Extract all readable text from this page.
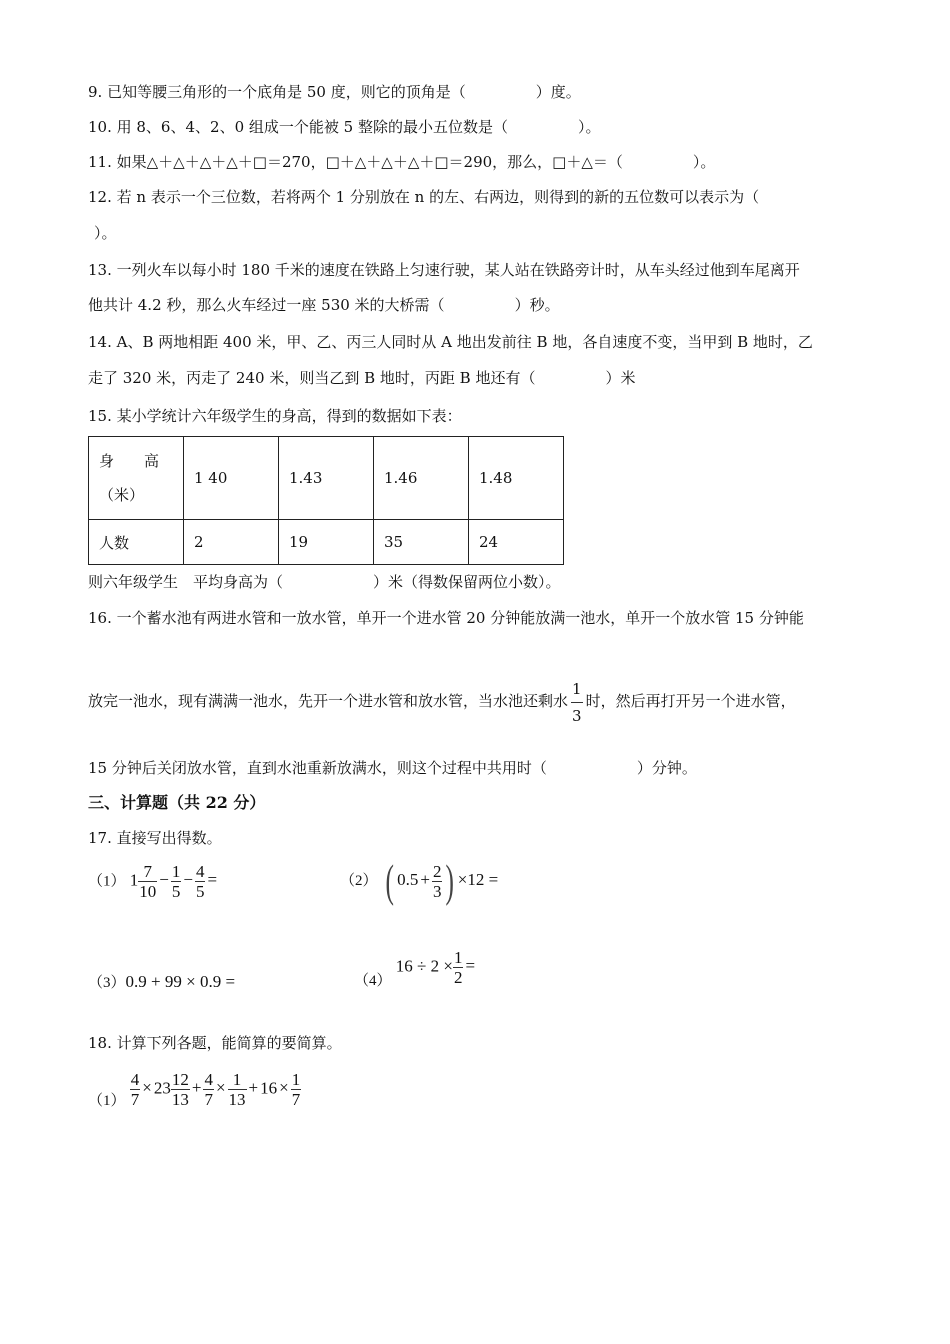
9. 已知等腰三角形的一个底角是 50 度，则它的顶角是（	）度。
10. 用 8、6、4、2、0 组成一个能被 5 整除的最小五位数是（	）。
11. 如果△＋△＋△＋△＋□＝270，□＋△＋△＋△＋□＝290，那么，□＋△＝（	）。
12. 若 n 表示一个三位数，若将两个 1 分别放在 n 的左、右两边，则得到的新的五位数可以表示为（
）。
13. 一列火车以每小时 180 千米的速度在铁路上匀速行驶，某人站在铁路旁计时，从车头经过他到车尾离开
他共计 4.2 秒，那么火车经过一座 530 米的大桥需（	）秒。
14. A、B 两地相距 400 米，甲、乙、丙三人同时从 A 地出发前往 B 地，各自速度不变，当甲到 B 地时，乙
走了 320 米，丙走了 240 米，则当乙到 B 地时，丙距 B 地还有（	）米
15. 某小学统计六年级学生的身高，得到的数据如下表：
身　　高
（米）	1 40	1.43	1.46	1.48
人数	2	19	35	24
则六年级学生　平均身高为（	）米（得数保留两位小数）。
16. 一个蓄水池有两进水管和一放水管，单开一个进水管 20 分钟能放满一池水，单开一个放水管 15 分钟能
放完一池水，现有满满一池水，先开一个进水管和放水管，当水池还剩水 $\frac{1}{3}$ 时，然后再打开另一个进水管，
15 分钟后关闭放水管，直到水池重新放满水，则这个过程中共用时（	）分钟。
三、计算题（共 22 分）
17. 直接写出得数。
（1） $1 \frac{7}{10} - \frac{1}{5} - \frac{4}{5}$ =	（2） ( $0.5 + \frac{2}{3}$ ) ×12 =
（3）0.9 + 99 × 0.9 =	（4） $16 \div 2 \times \frac{1}{2}$ =
18. 计算下列各题，能简算的要简算。
$(1) \frac{4}{7} \times 23 \frac{12}{13} + \frac{4}{7} \times \frac{1}{13} + 16 \times \frac{1}{7}$
